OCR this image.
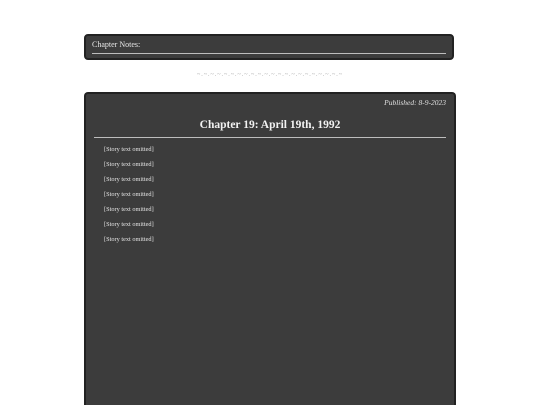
Chapter Notes:
~.~.~.~.~.~.~.~.~.~.~.~.~.~.~.~.~.~.~.~.~.~
Published: 8-9-2023
Chapter 19: April 19th, 1992

[Story text omitted]

[Story text omitted]

[Story text omitted]

[Story text omitted]

[Story text omitted]

[Story text omitted]

[Story text omitted]
